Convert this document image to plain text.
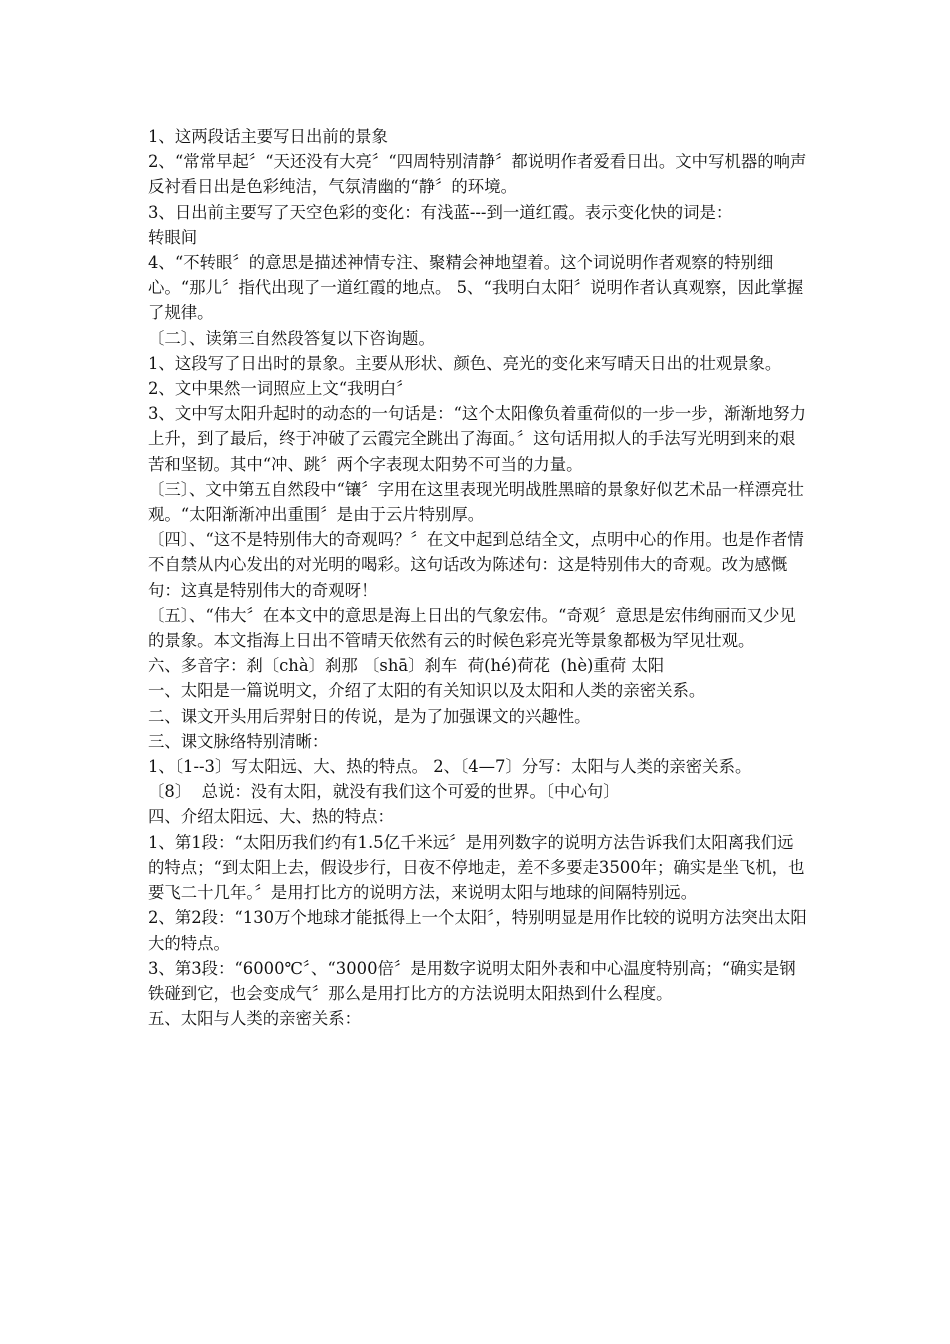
1、这两段话主要写日出前的景象

2、“常常早起〞“天还没有大亮〞“四周特别清静〞都说明作者爱看日出。文中写机器的响声反衬看日出是色彩纯洁，气氛清幽的“静〞的环境。

3、日出前主要写了天空色彩的变化：有浅蓝---到一道红霞。表示变化快的词是：

转眼间

4、“不转眼〞的意思是描述神情专注、聚精会神地望着。这个词说明作者观察的特别细心。“那儿〞指代出现了一道红霞的地点。 5、“我明白太阳〞说明作者认真观察，因此掌握了规律。

〔二〕、读第三自然段答复以下咨询题。

1、这段写了日出时的景象。主要从形状、颜色、亮光的变化来写晴天日出的壮观景象。

2、文中果然一词照应上文“我明白〞

3、文中写太阳升起时的动态的一句话是：“这个太阳像负着重荷似的一步一步，渐渐地努力上升，到了最后，终于冲破了云霞完全跳出了海面。〞这句话用拟人的手法写光明到来的艰苦和坚韧。其中“冲、跳〞两个字表现太阳势不可当的力量。

〔三〕、文中第五自然段中“镶〞字用在这里表现光明战胜黑暗的景象好似艺术品一样漂亮壮观。“太阳渐渐冲出重围〞是由于云片特别厚。

〔四〕、“这不是特别伟大的奇观吗？〞在文中起到总结全文，点明中心的作用。也是作者情不自禁从内心发出的对光明的喝彩。这句话改为陈述句：这是特别伟大的奇观。改为感慨句：这真是特别伟大的奇观呀！

〔五〕、“伟大〞在本文中的意思是海上日出的气象宏伟。“奇观〞意思是宏伟绚丽而又少见的景象。本文指海上日出不管晴天依然有云的时候色彩亮光等景象都极为罕见壮观。

六、多音字：刹〔chà〕刹那 〔shā〕刹车  荷(hé)荷花  (hè)重荷 太阳

一、太阳是一篇说明文，介绍了太阳的有关知识以及太阳和人类的亲密关系。

二、课文开头用后羿射日的传说，是为了加强课文的兴趣性。

三、课文脉络特别清晰：

1、〔1--3〕写太阳远、大、热的特点。 2、〔4—7〕分写：太阳与人类的亲密关系。

〔8〕  总说：没有太阳，就没有我们这个可爱的世界。〔中心句〕

四、介绍太阳远、大、热的特点：

1、第1段：“太阳历我们约有1.5亿千米远〞是用列数字的说明方法告诉我们太阳离我们远的特点；“到太阳上去，假设步行，日夜不停地走，差不多要走3500年；确实是坐飞机，也要飞二十几年。〞是用打比方的说明方法，来说明太阳与地球的间隔特别远。

2、第2段：“130万个地球才能抵得上一个太阳〞，特别明显是用作比较的说明方法突出太阳大的特点。

3、第3段：“6000℃〞、“3000倍〞是用数字说明太阳外表和中心温度特别高；“确实是钢铁碰到它，也会变成气〞那么是用打比方的方法说明太阳热到什么程度。

五、太阳与人类的亲密关系：
